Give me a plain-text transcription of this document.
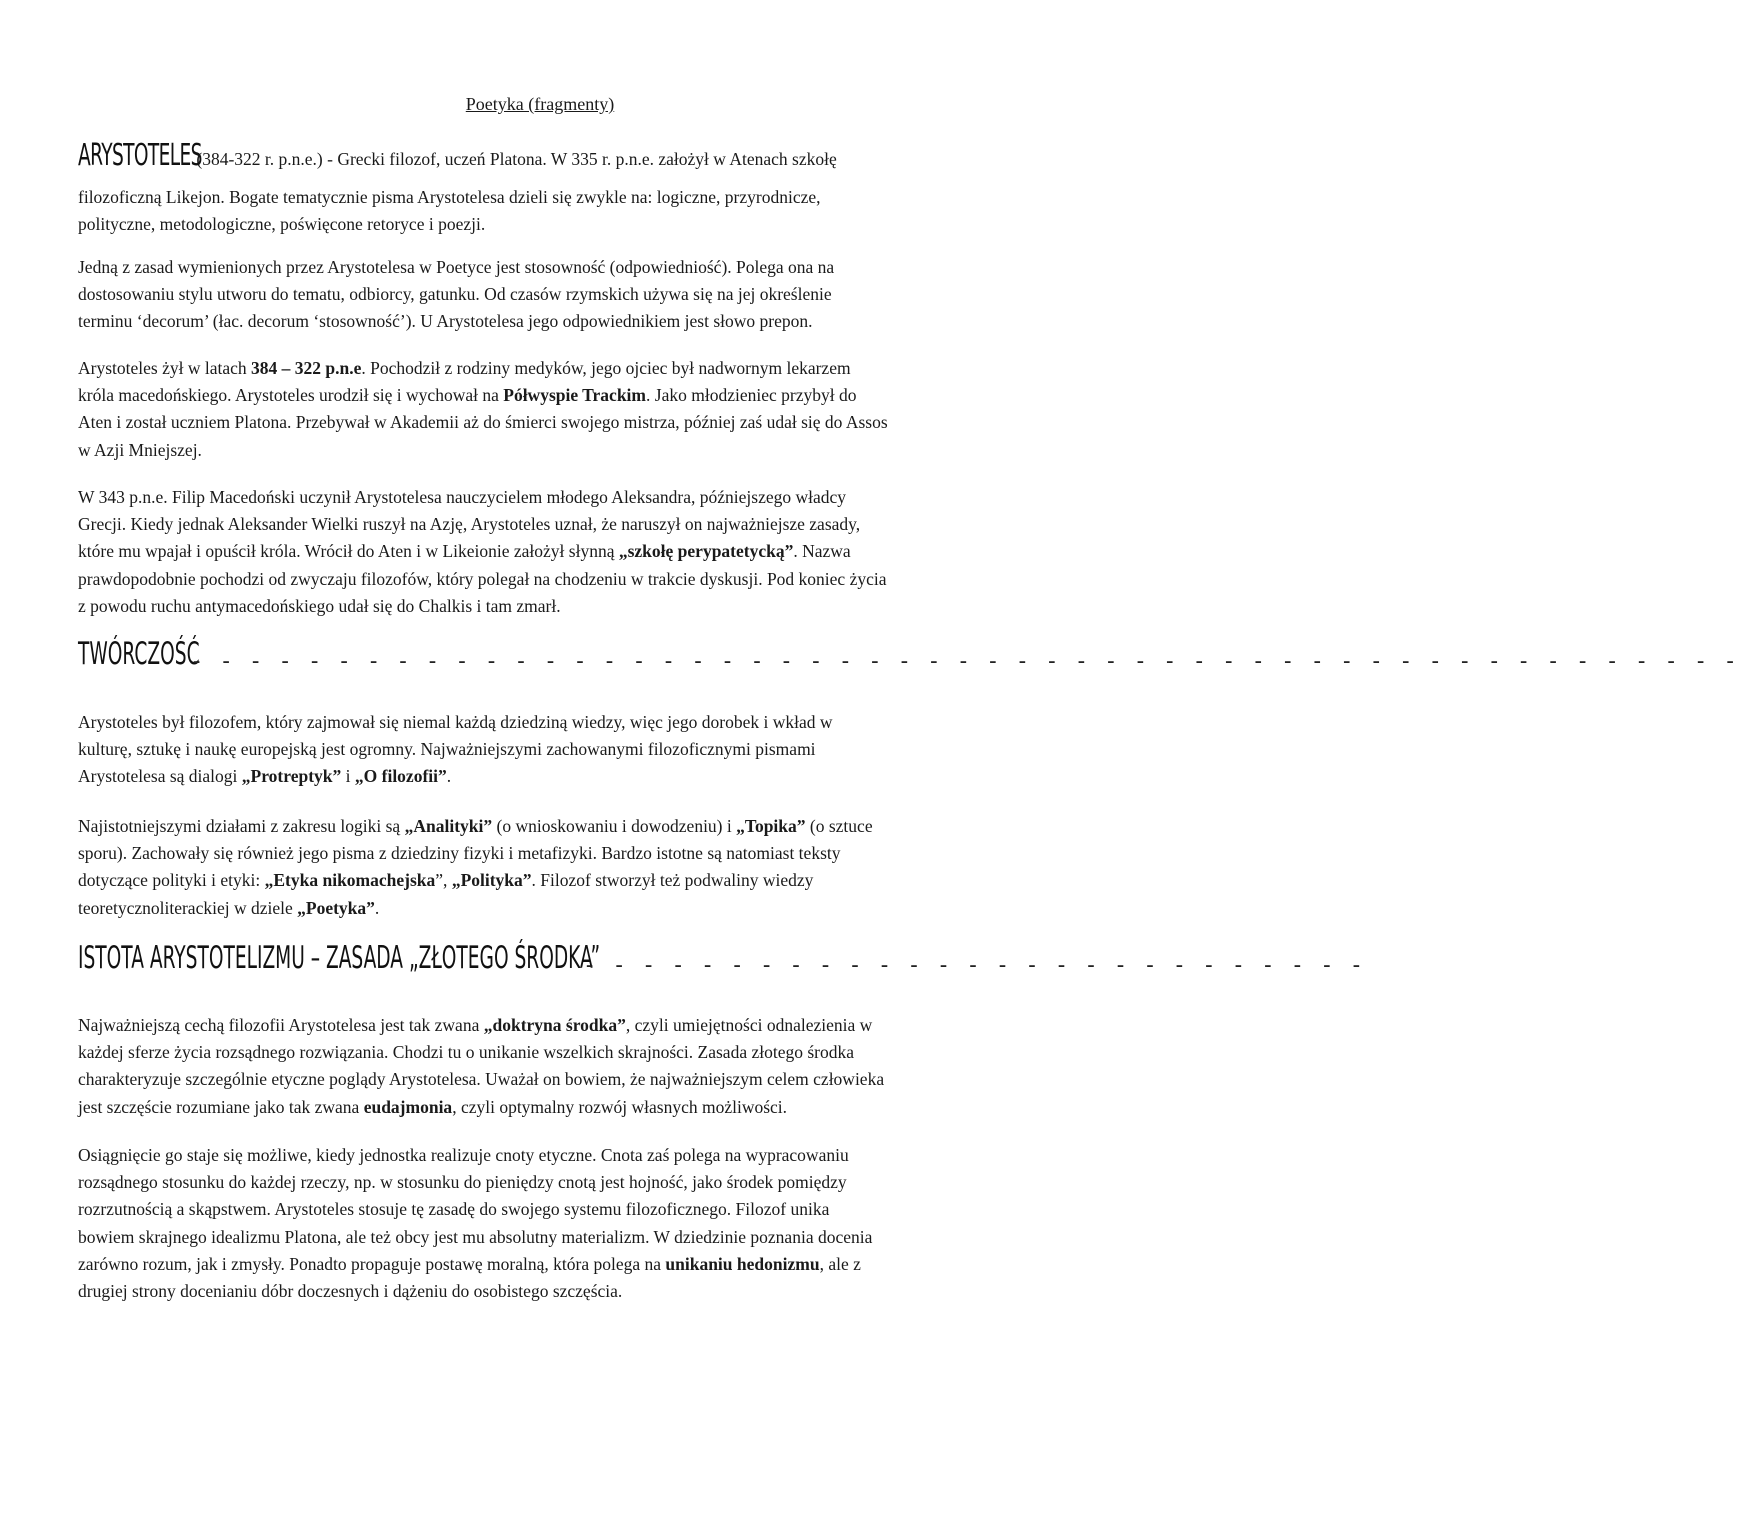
Poetyka (fragmenty)
ARYSTOTELES (384-322 r. p.n.e.) - Grecki filozof, uczeń Platona. W 335 r. p.n.e. założył w Atenach szkołę

filozoficzną Likejon. Bogate tematycznie pisma Arystotelesa dzieli się zwykle na: logiczne, przyrodnicze,
polityczne, metodologiczne, poświęcone retoryce i poezji.

Jedną z zasad wymienionych przez Arystotelesa w Poetyce jest stosowność (odpowiedniość). Polega ona na
dostosowaniu stylu utworu do tematu, odbiorcy, gatunku. Od czasów rzymskich używa się na jej określenie
terminu ‘decorum’ (łac. decorum ‘stosowność’). U Arystotelesa jego odpowiednikiem jest słowo prepon.

Arystoteles żył w latach 384 – 322 p.n.e. Pochodził z rodziny medyków, jego ojciec był nadwornym lekarzem
króla macedońskiego. Arystoteles urodził się i wychował na Półwyspie Trackim. Jako młodzieniec przybył do
Aten i został uczniem Platona. Przebywał w Akademii aż do śmierci swojego mistrza, później zaś udał się do Assos
w Azji Mniejszej.

W 343 p.n.e. Filip Macedoński uczynił Arystotelesa nauczycielem młodego Aleksandra, późniejszego władcy
Grecji. Kiedy jednak Aleksander Wielki ruszył na Azję, Arystoteles uznał, że naruszył on najważniejsze zasady,
które mu wpajał i opuścił króla. Wrócił do Aten i w Likeionie założył słynną „szkołę perypatetycką”. Nazwa
prawdopodobnie pochodzi od zwyczaju filozofów, który polegał na chodzeniu w trakcie dyskusji. Pod koniec życia
z powodu ruchu antymacedońskiego udał się do Chalkis i tam zmarł.

TWÓRCZOŚĆ
- - - - - - - - - - - - - - - - - - - - - - - - - - - - - - - - - - - - - - - - - - - - - - - - - - - - -

Arystoteles był filozofem, który zajmował się niemal każdą dziedziną wiedzy, więc jego dorobek i wkład w
kulturę, sztukę i naukę europejską jest ogromny. Najważniejszymi zachowanymi filozoficznymi pismami
Arystotelesa są dialogi „Protreptyk” i „O filozofii”.

Najistotniejszymi działami z zakresu logiki są „Analityki” (o wnioskowaniu i dowodzeniu) i „Topika” (o sztuce
sporu). Zachowały się również jego pisma z dziedziny fizyki i metafizyki. Bardzo istotne są natomiast teksty
dotyczące polityki i etyki: „Etyka nikomachejska”, „Polityka”. Filozof stworzył też podwaliny wiedzy
teoretycznoliterackiej w dziele „Poetyka”.

ISTOTA ARYSTOTELIZMU – ZASADA „ZŁOTEGO ŚRODKA”
- - - - - - - - - - - - - - - - - - - - - - - - - - -

Najważniejszą cechą filozofii Arystotelesa jest tak zwana „doktryna środka”, czyli umiejętności odnalezienia w
każdej sferze życia rozsądnego rozwiązania. Chodzi tu o unikanie wszelkich skrajności. Zasada złotego środka
charakteryzuje szczególnie etyczne poglądy Arystotelesa. Uważał on bowiem, że najważniejszym celem człowieka
jest szczęście rozumiane jako tak zwana eudajmonia, czyli optymalny rozwój własnych możliwości.

Osiągnięcie go staje się możliwe, kiedy jednostka realizuje cnoty etyczne. Cnota zaś polega na wypracowaniu
rozsądnego stosunku do każdej rzeczy, np. w stosunku do pieniędzy cnotą jest hojność, jako środek pomiędzy
rozrzutnością a skąpstwem. Arystoteles stosuje tę zasadę do swojego systemu filozoficznego. Filozof unika
bowiem skrajnego idealizmu Platona, ale też obcy jest mu absolutny materializm. W dziedzinie poznania docenia
zarówno rozum, jak i zmysły. Ponadto propaguje postawę moralną, która polega na unikaniu hedonizmu, ale z
drugiej strony docenianiu dóbr doczesnych i dążeniu do osobistego szczęścia.
